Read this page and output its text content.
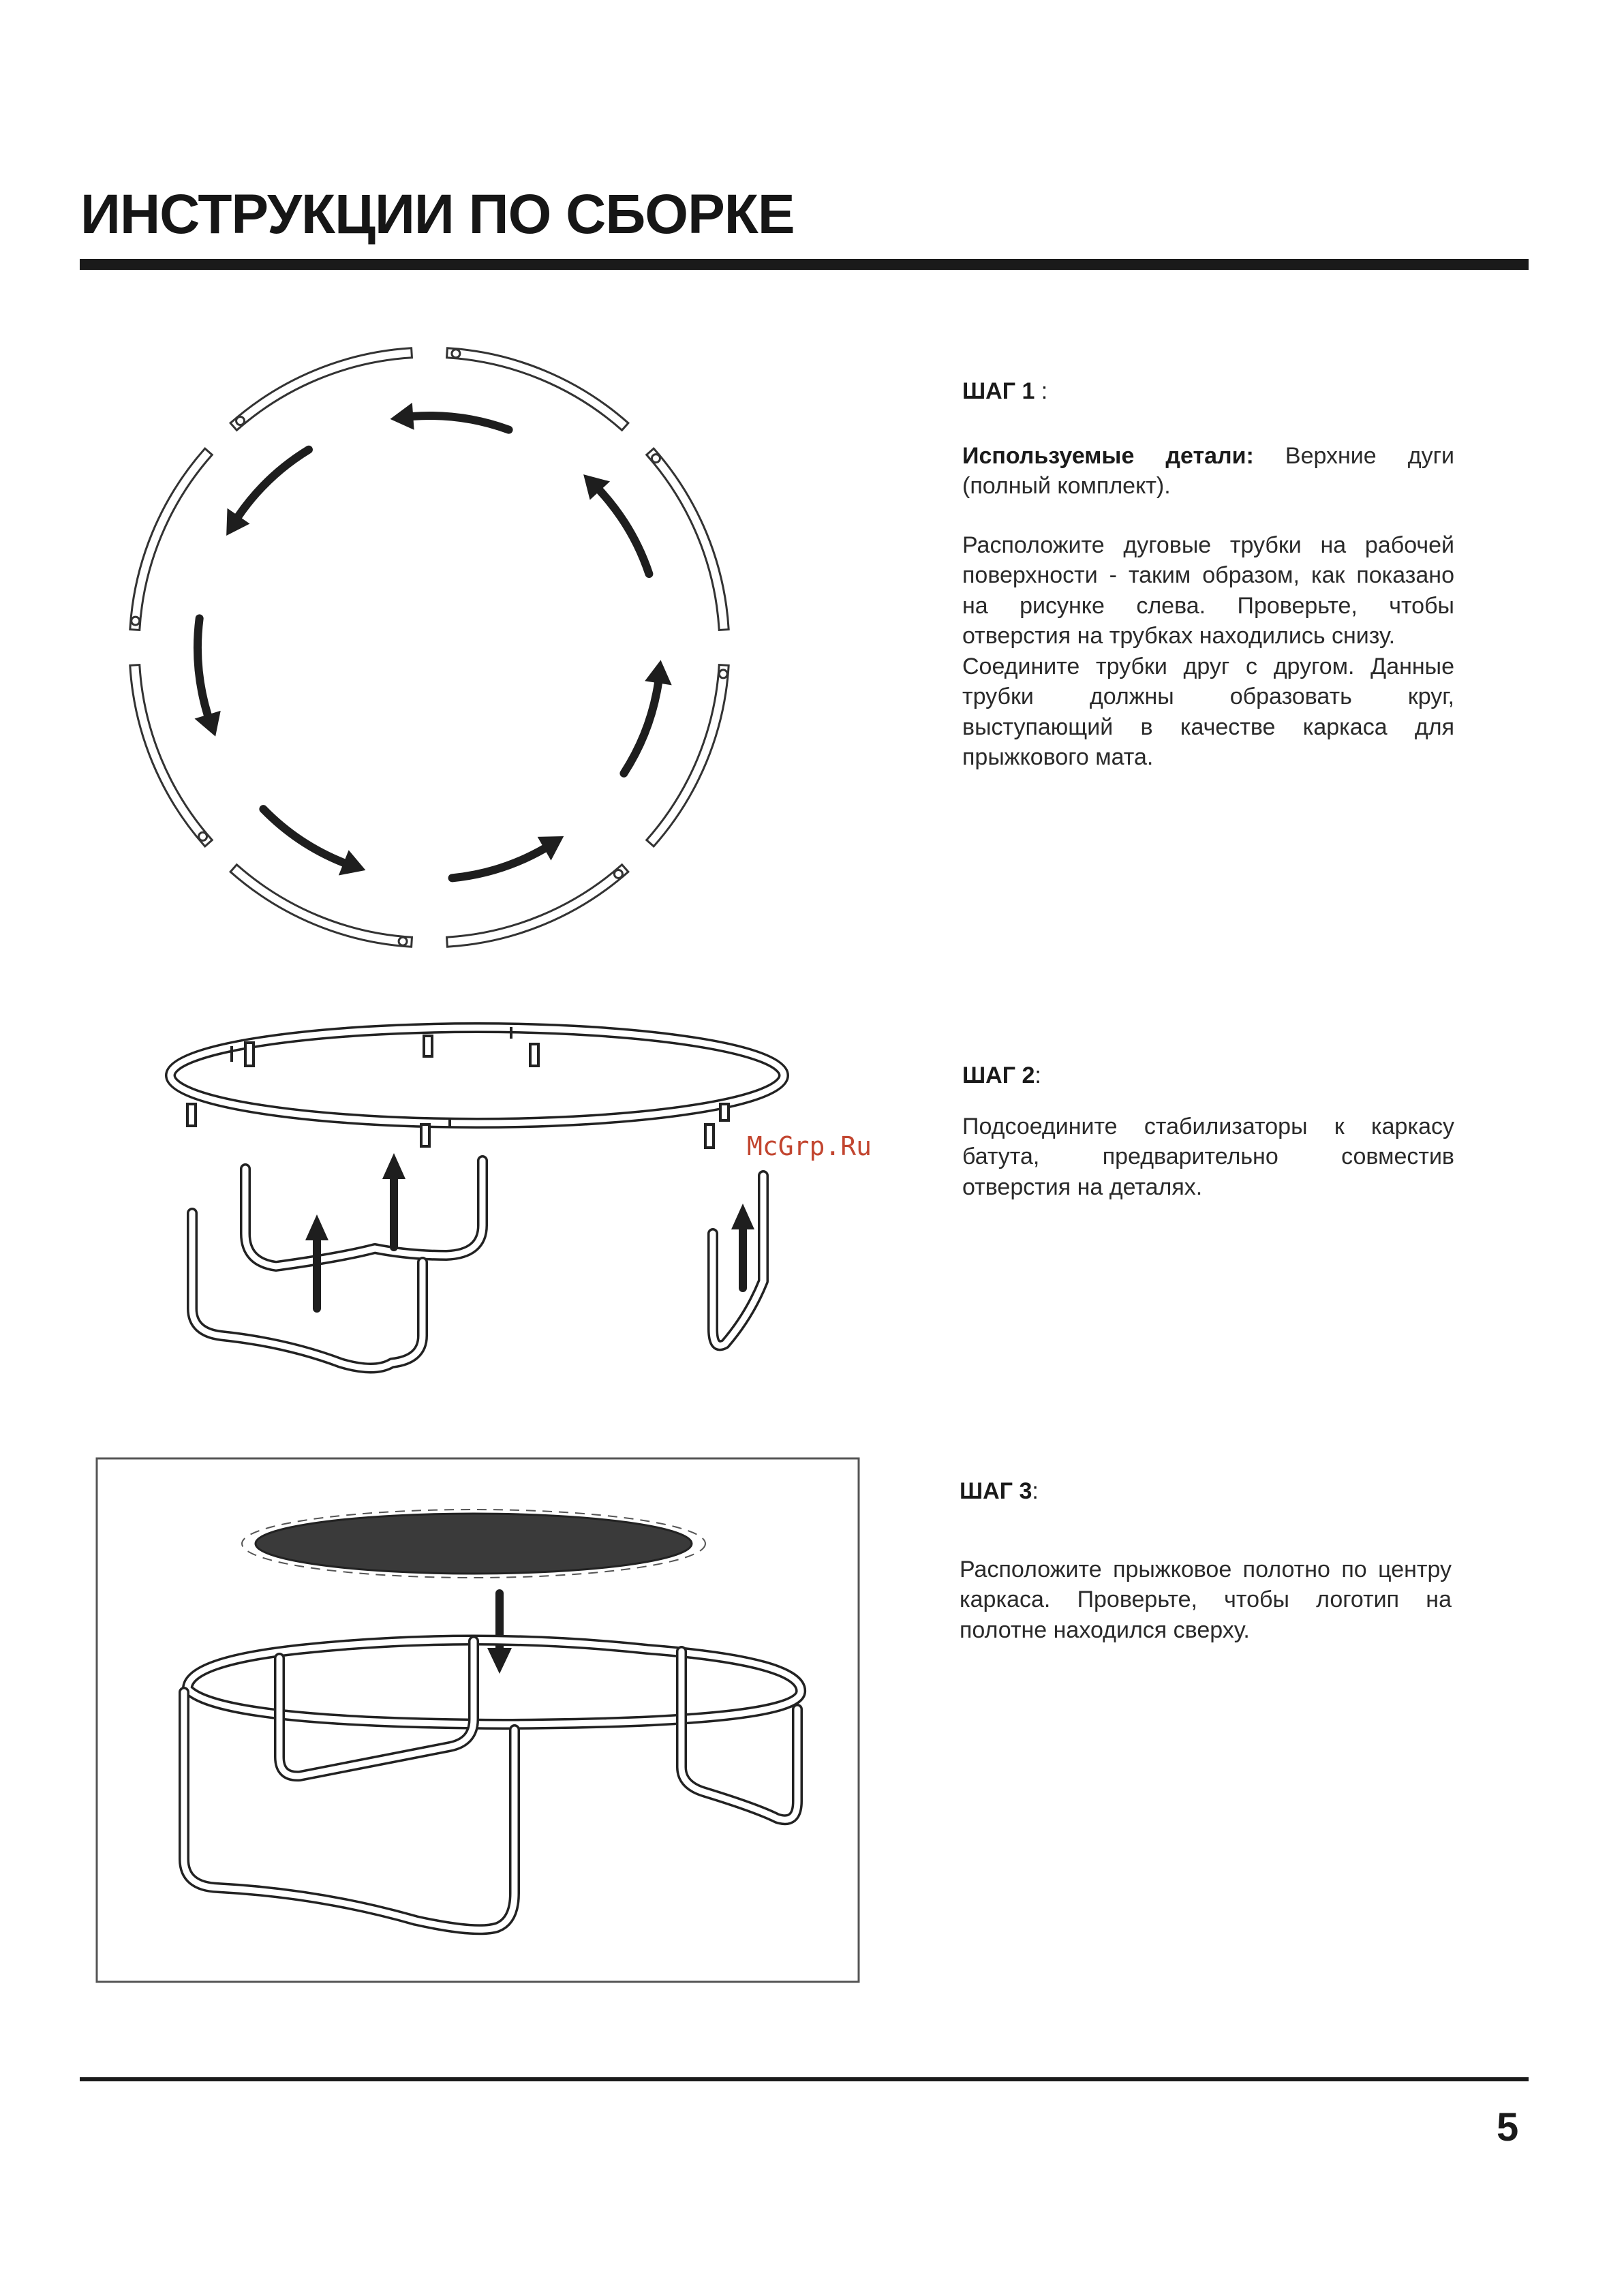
ИНСТРУКЦИИ ПО СБОРКЕ

ШАГ 1 :

Используемые детали: Верхние дуги (полный комплект).

Расположите дуговые трубки на рабочей поверхности - таким образом, как показано на рисунке слева. Проверьте, чтобы отверстия на трубках находились снизу.

Соедините трубки друг с другом. Данные трубки должны образовать круг, выступающий в качестве каркаса для прыжкового мата.

McGrp.Ru

ШАГ 2:

Подсоедините стабилизаторы к каркасу батута, предварительно совместив отверстия на деталях.

ШАГ 3:

Расположите прыжковое полотно по центру каркаса. Проверьте, чтобы логотип на полотне находился сверху.

5
